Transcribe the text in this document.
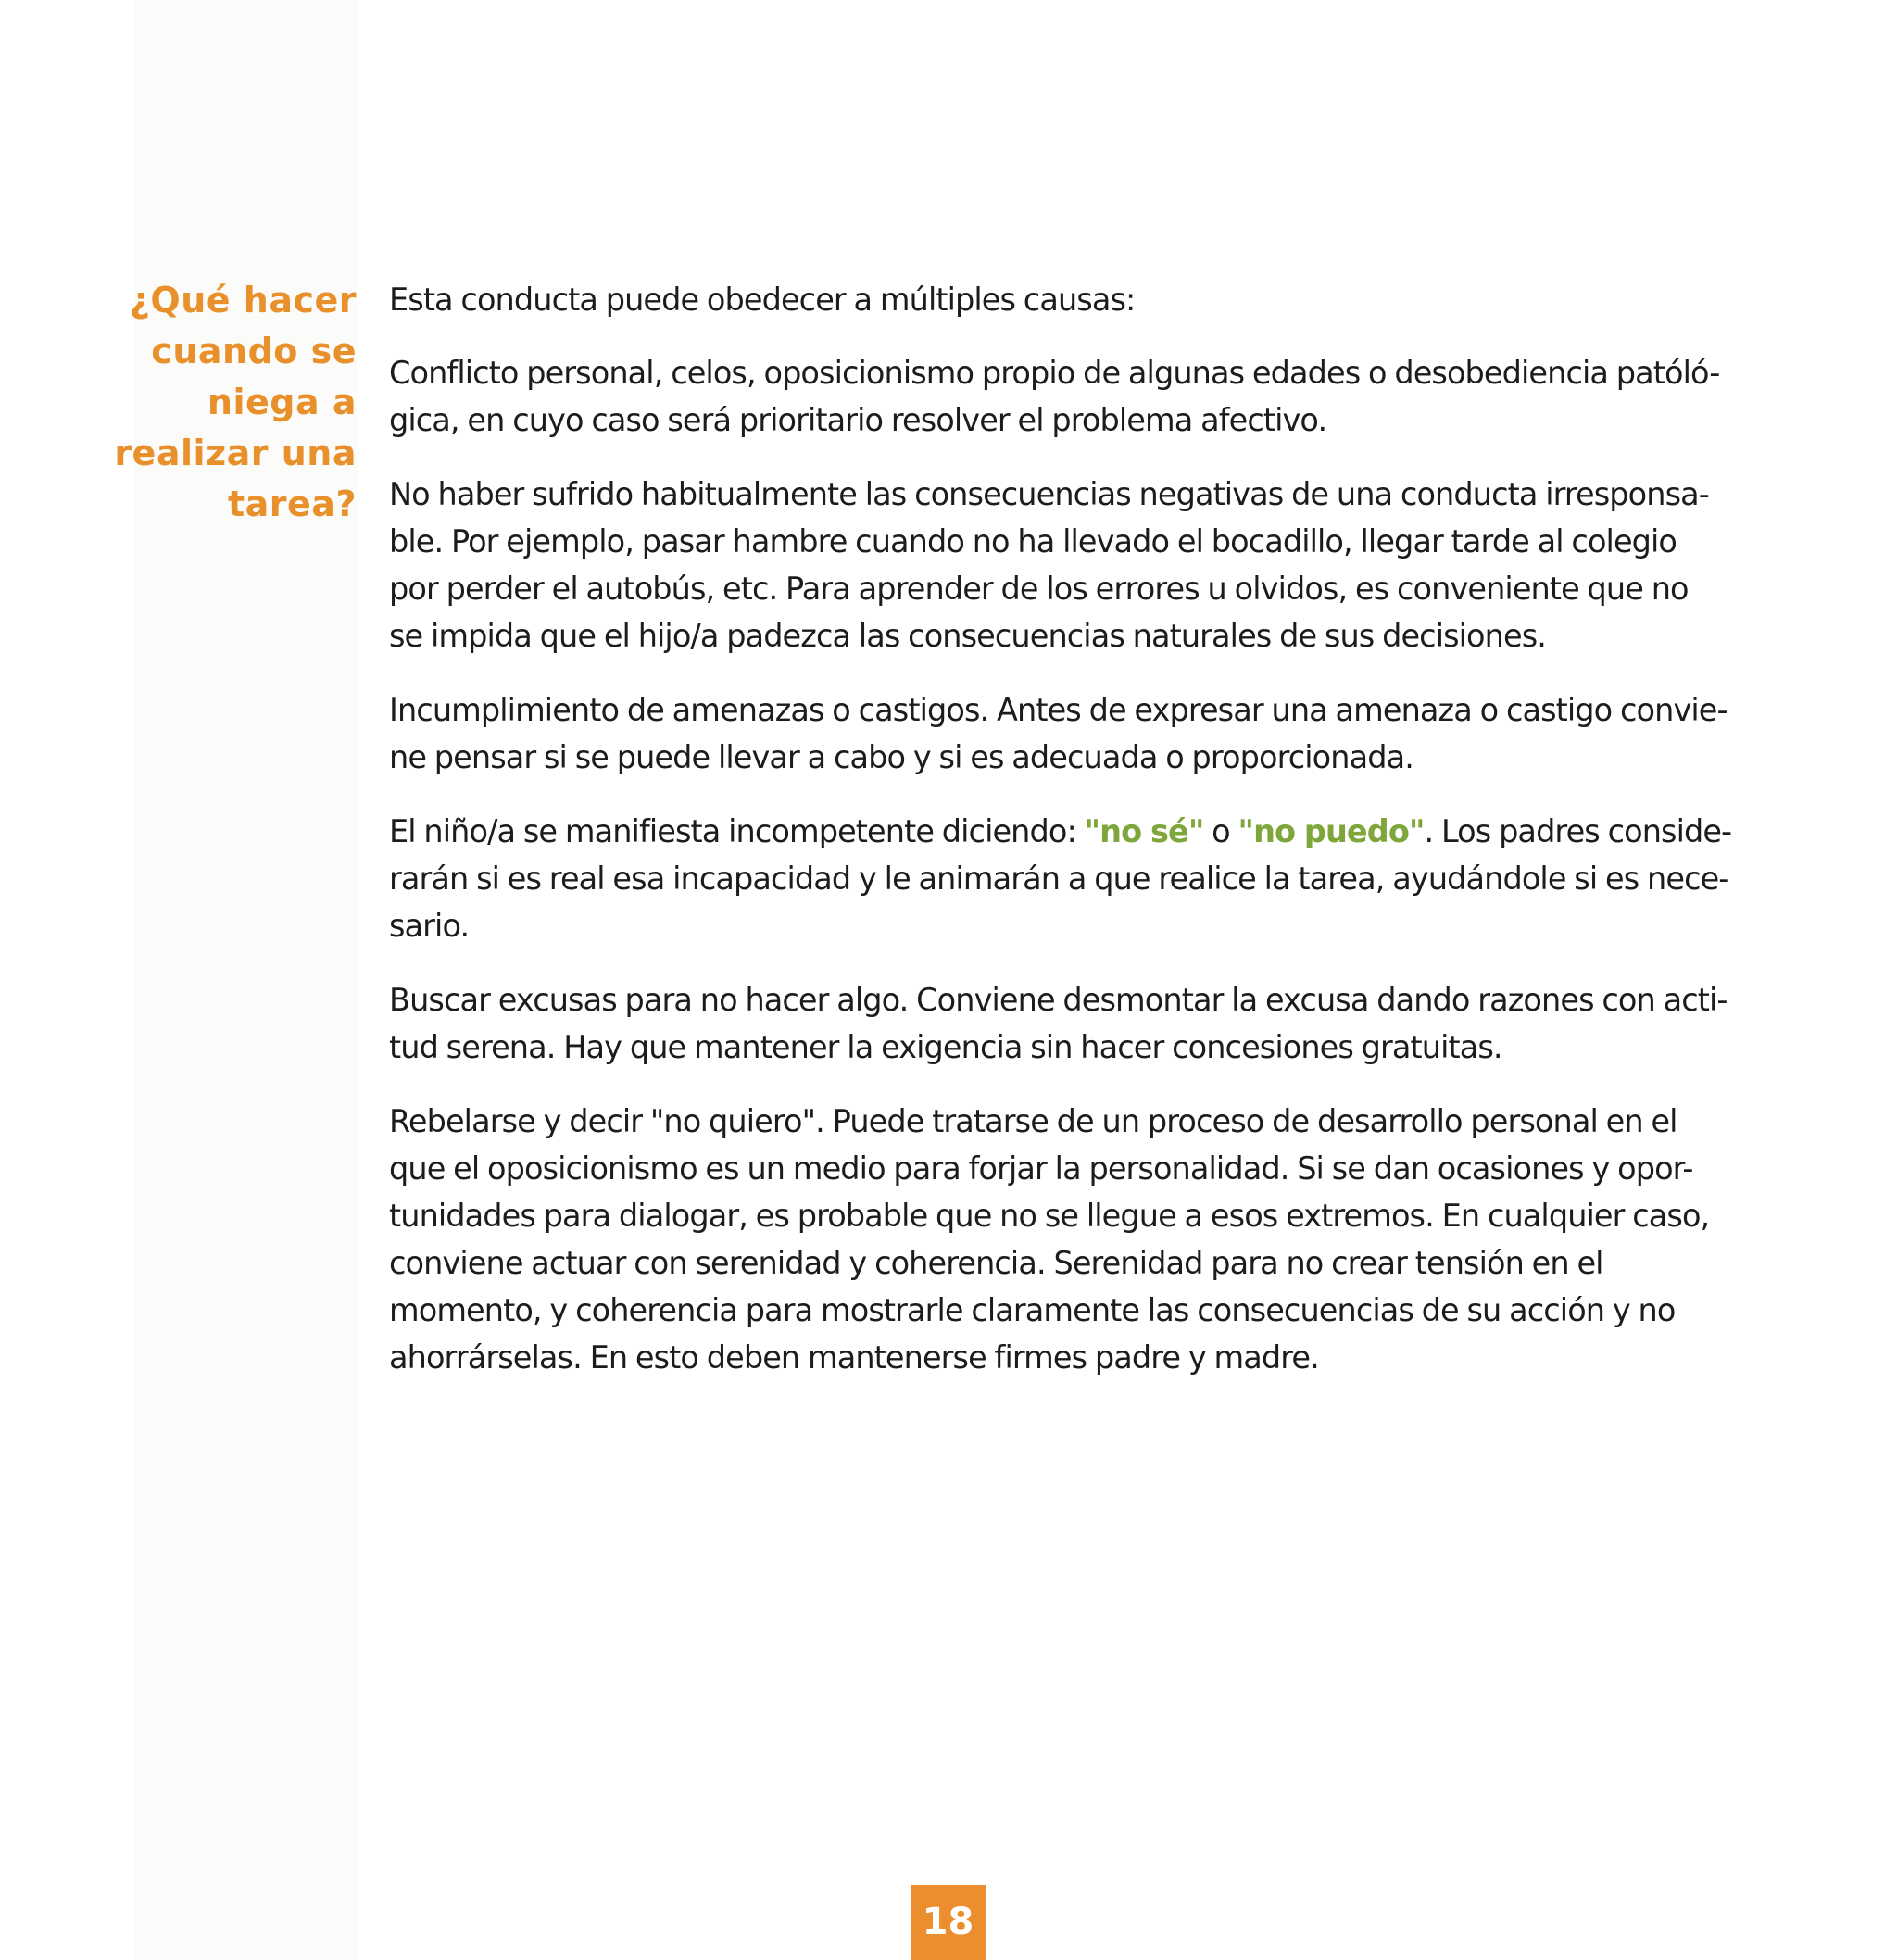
¿Qué hacer
cuando se
niega a
realizar una
tarea?

Esta conducta puede obedecer a múltiples causas:

Conflicto personal, celos, oposicionismo propio de algunas edades o desobediencia patóló-
gica, en cuyo caso será prioritario resolver el problema afectivo.

No haber sufrido habitualmente las consecuencias negativas de una conducta irresponsa-
ble. Por ejemplo, pasar hambre cuando no ha llevado el bocadillo, llegar tarde al colegio
por perder el autobús, etc. Para aprender de los errores u olvidos, es conveniente que no
se impida que el hijo/a padezca las consecuencias naturales de sus decisiones.

Incumplimiento de amenazas o castigos. Antes de expresar una amenaza o castigo convie-
ne pensar si se puede llevar a cabo y si es adecuada o proporcionada.

El niño/a se manifiesta incompetente diciendo: "no sé" o "no puedo". Los padres conside-
rarán si es real esa incapacidad y le animarán a que realice la tarea, ayudándole si es nece-
sario.

Buscar excusas para no hacer algo. Conviene desmontar la excusa dando razones con acti-
tud serena. Hay que mantener la exigencia sin hacer concesiones gratuitas.

Rebelarse y decir "no quiero". Puede tratarse de un proceso de desarrollo personal en el
que el oposicionismo es un medio para forjar la personalidad. Si se dan ocasiones y opor-
tunidades para dialogar, es probable que no se llegue a esos extremos. En cualquier caso,
conviene actuar con serenidad y coherencia. Serenidad para no crear tensión en el
momento, y coherencia para mostrarle claramente las consecuencias de su acción y no
ahorrárselas. En esto deben mantenerse firmes padre y madre.

18
